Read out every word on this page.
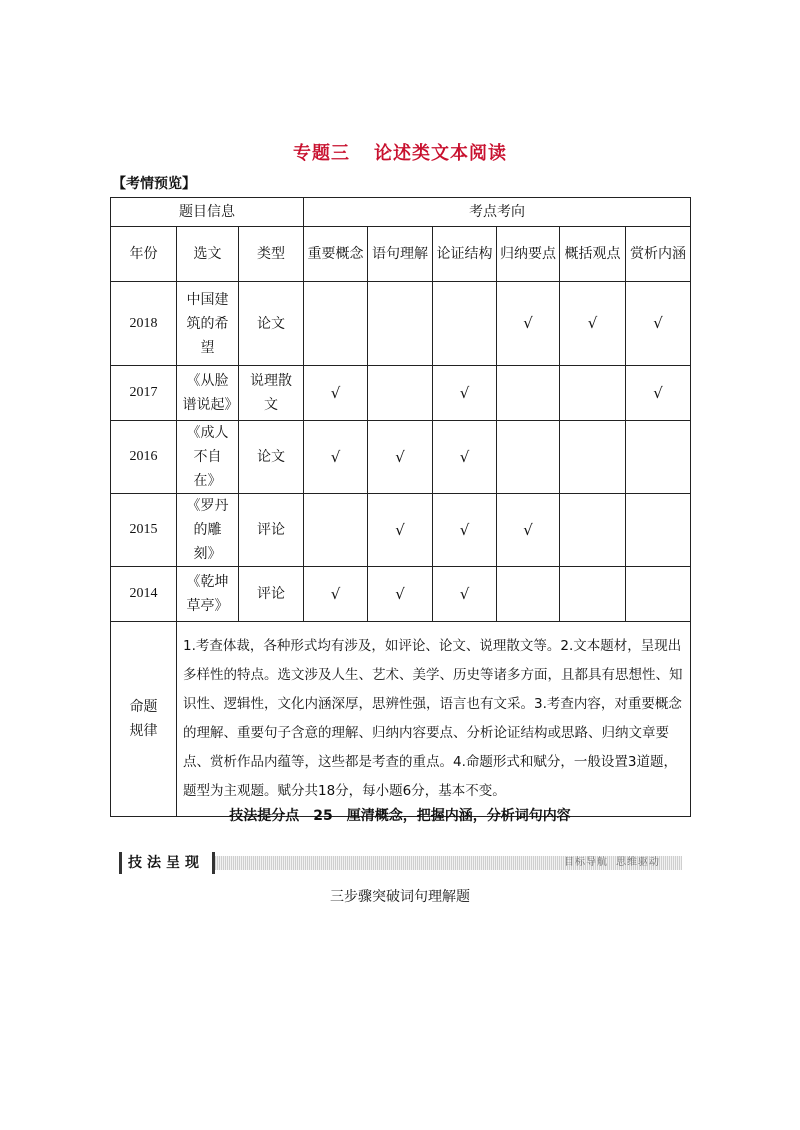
专题三 论述类文本阅读
【考情预览】
题目信息			考点考向					
年份	选文	类型	重要概念	语句理解	论证结构	归纳要点	概括观点	赏析内涵
2018	中国建筑的希望	论文				√	√	√
2017	《从脸谱说起》	说理散文	√		√			√
2016	《成人不自在》	论文	√	√	√			
2015	《罗丹的雕刻》	评论		√	√	√		
2014	《乾坤草亭》	评论	√	√	√			
命题规律	1.考查体裁，各种形式均有涉及，如评论、论文、说理散文等。2.文本题材，呈现出多样性的特点。选文涉及人生、艺术、美学、历史等诸多方面，且都具有思想性、知识性、逻辑性，文化内涵深厚，思辨性强，语言也有文采。3.考查内容，对重要概念的理解、重要句子含意的理解、归纳内容要点、分析论证结构或思路、归纳文章要点、赏析作品内蕴等，这些都是考查的重点。4.命题形式和赋分，一般设置3道题，题型为主观题。赋分共18分，每小题6分，基本不变。							
技法提分点 25 厘清概念，把握内涵，分析词句内容
技法呈现	目标导航 思维驱动
三步骤突破词句理解题
